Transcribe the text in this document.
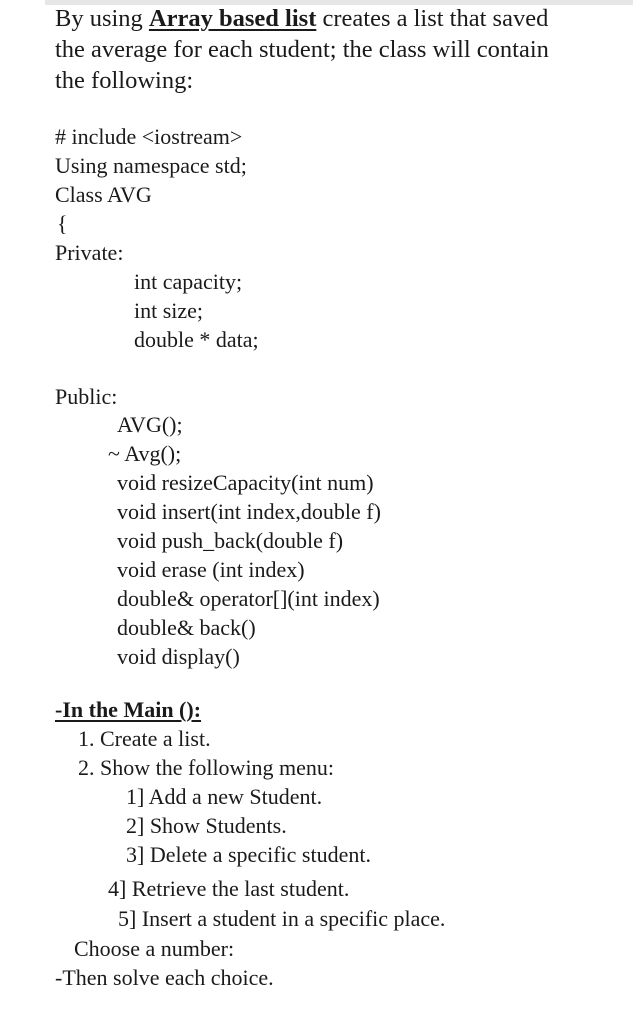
By using Array based list creates a list that saved
the average for each student; the class will contain
the following:
# include <iostream>
Using namespace std;
Class AVG
{
Private:
int capacity;
int size;
double * data;
Public:
AVG();
~ Avg();
void resizeCapacity(int num)
void insert(int index,double f)
void push_back(double f)
void erase (int index)
double& operator[](int index)
double& back()
void display()
-In the Main ():
1. Create a list.
2. Show the following menu:
1] Add a new Student.
2] Show Students.
3] Delete a specific student.
4] Retrieve the last student.
5] Insert a student in a specific place.
Choose a number:
-Then solve each choice.
